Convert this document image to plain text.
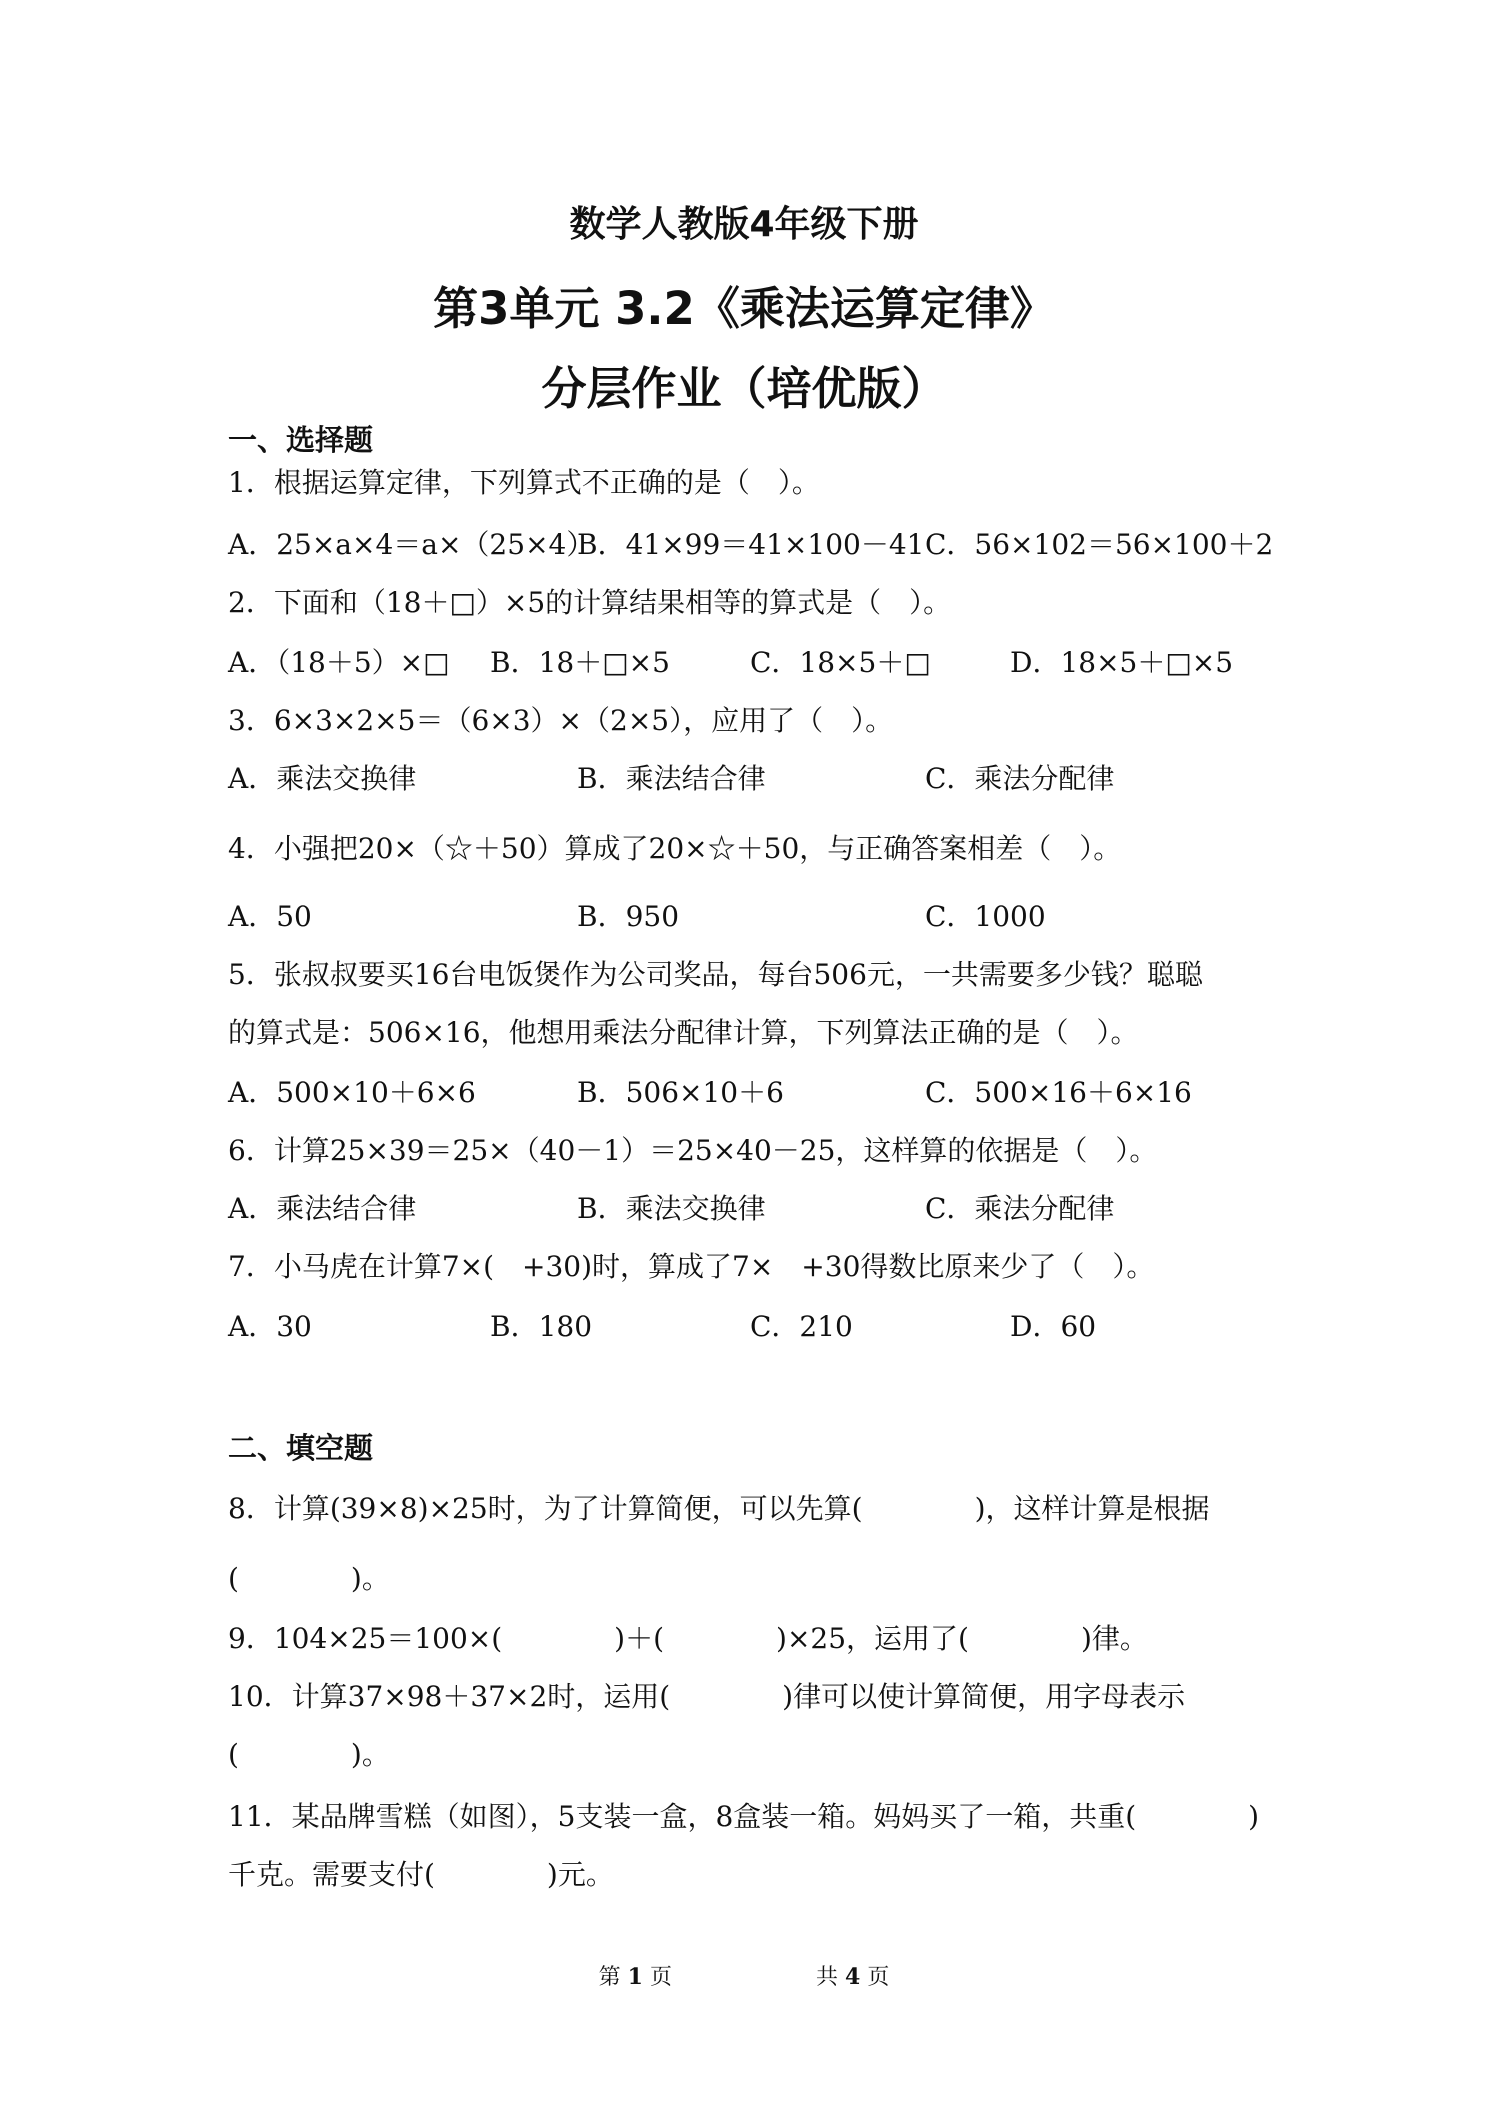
数学人教版4年级下册
第3单元 3.2《乘法运算定律》
分层作业（培优版）
一、选择题
1．根据运算定律，下列算式不正确的是（　）。
A．25×a×4＝a×（25×4）
B．41×99＝41×100－41 C．56×102＝56×100＋2
2．下面和（18＋□）×5的计算结果相等的算式是（　）。
A．（18＋5）×□ B．18＋□×5	C．18×5＋□	D．18×5＋□×5
3．6×3×2×5＝（6×3）×（2×5），应用了（　）。
A．乘法交换律	B．乘法结合律	C．乘法分配律
4．小强把20×（☆＋50）算成了20×☆＋50，与正确答案相差（　）。
A．50	B．950	C．1000
5．张叔叔要买16台电饭煲作为公司奖品，每台506元，一共需要多少钱？聪聪
的算式是：506×16，他想用乘法分配律计算，下列算法正确的是（　）。
A．500×10＋6×6	B．506×10＋6	C．500×16＋6×16
6．计算25×39＝25×（40－1）＝25×40－25，这样算的依据是（　）。
A．乘法结合律	B．乘法交换律	C．乘法分配律
7．小马虎在计算7×(　+30)时，算成了7×　+30得数比原来少了（　）。
A．30	B．180	C．210	D．60
二、填空题
8．计算(39×8)×25时，为了计算简便，可以先算(　　　　)，这样计算是根据
(　　　　)。
9．104×25＝100×(　　　　)＋(　　　　)×25，运用了(　　　　)律。
10．计算37×98＋37×2时，运用(　　　　)律可以使计算简便，用字母表示
(　　　　)。
11．某品牌雪糕（如图），5支装一盒，8盒装一箱。妈妈买了一箱，共重(　　　　)
千克。需要支付(　　　　)元。
第 1 页	共 4 页
